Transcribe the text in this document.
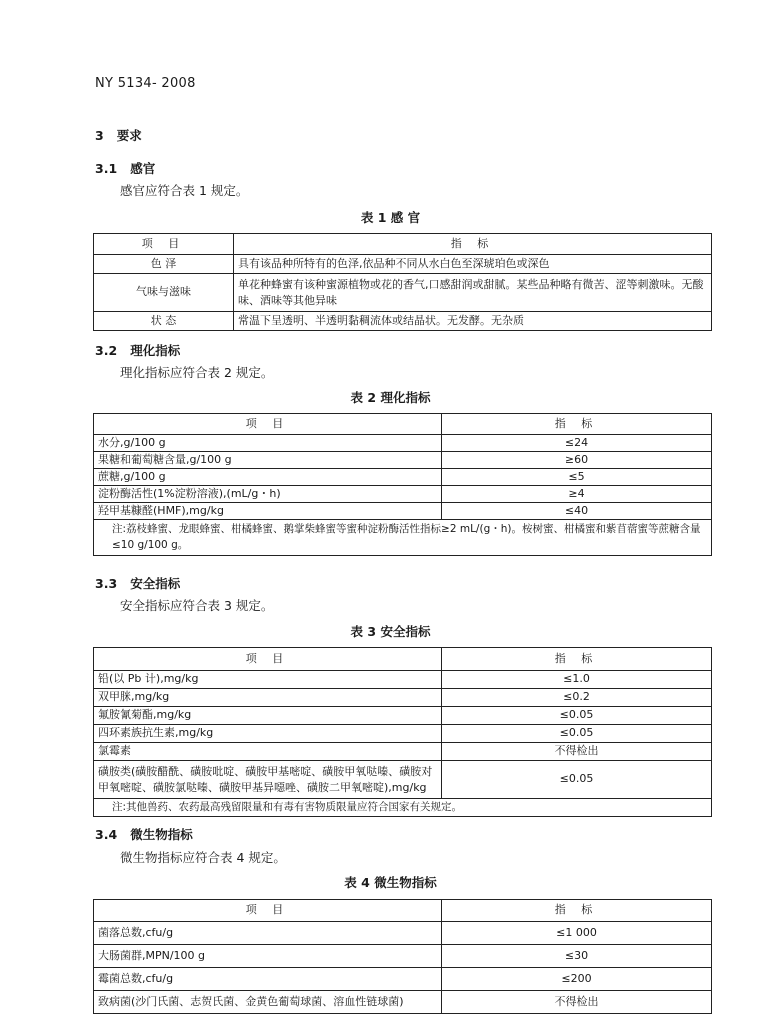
NY 5134- 2008
3 要求
3.1 感官
感官应符合表 1 规定。
表 1 感 官
项 目	指 标
色 泽	具有该品种所特有的色泽,依品种不同从水白色至深琥珀色或深色
气味与滋味	单花种蜂蜜有该种蜜源植物或花的香气,口感甜润或甜腻。某些品种略有微苦、涩等刺激味。无酸味、酒味等其他异味
状 态	常温下呈透明、半透明黏稠流体或结晶状。无发酵。无杂质
3.2 理化指标
理化指标应符合表 2 规定。
表 2 理化指标
项 目	指 标
水分,g/100 g	≤24
果糖和葡萄糖含量,g/100 g	≥60
蔗糖,g/100 g	≤5
淀粉酶活性(1%淀粉溶液),(mL/g・h)	≥4
羟甲基糠醛(HMF),mg/kg	≤40
注:荔枝蜂蜜、龙眼蜂蜜、柑橘蜂蜜、鹅掌柴蜂蜜等蜜种淀粉酶活性指标≥2 mL/(g・h)。桉树蜜、柑橘蜜和紫苜蓿蜜等蔗糖含量≤10 g/100 g。	
3.3 安全指标
安全指标应符合表 3 规定。
表 3 安全指标
项 目	指 标
铅(以 Pb 计),mg/kg	≤1.0
双甲脒,mg/kg	≤0.2
氟胺氰菊酯,mg/kg	≤0.05
四环素族抗生素,mg/kg	≤0.05
氯霉素	不得检出
磺胺类(磺胺醋酰、磺胺吡啶、磺胺甲基嘧啶、磺胺甲氧哒嗪、磺胺对甲氧嘧啶、磺胺氯哒嗪、磺胺甲基异噁唑、磺胺二甲氧嘧啶),mg/kg	≤0.05
注:其他兽药、农药最高残留限量和有毒有害物质限量应符合国家有关规定。	
3.4 微生物指标
微生物指标应符合表 4 规定。
表 4 微生物指标
项 目	指 标
菌落总数,cfu/g	≤1 000
大肠菌群,MPN/100 g	≤30
霉菌总数,cfu/g	≤200
致病菌(沙门氏菌、志贺氏菌、金黄色葡萄球菌、溶血性链球菌)	不得检出
